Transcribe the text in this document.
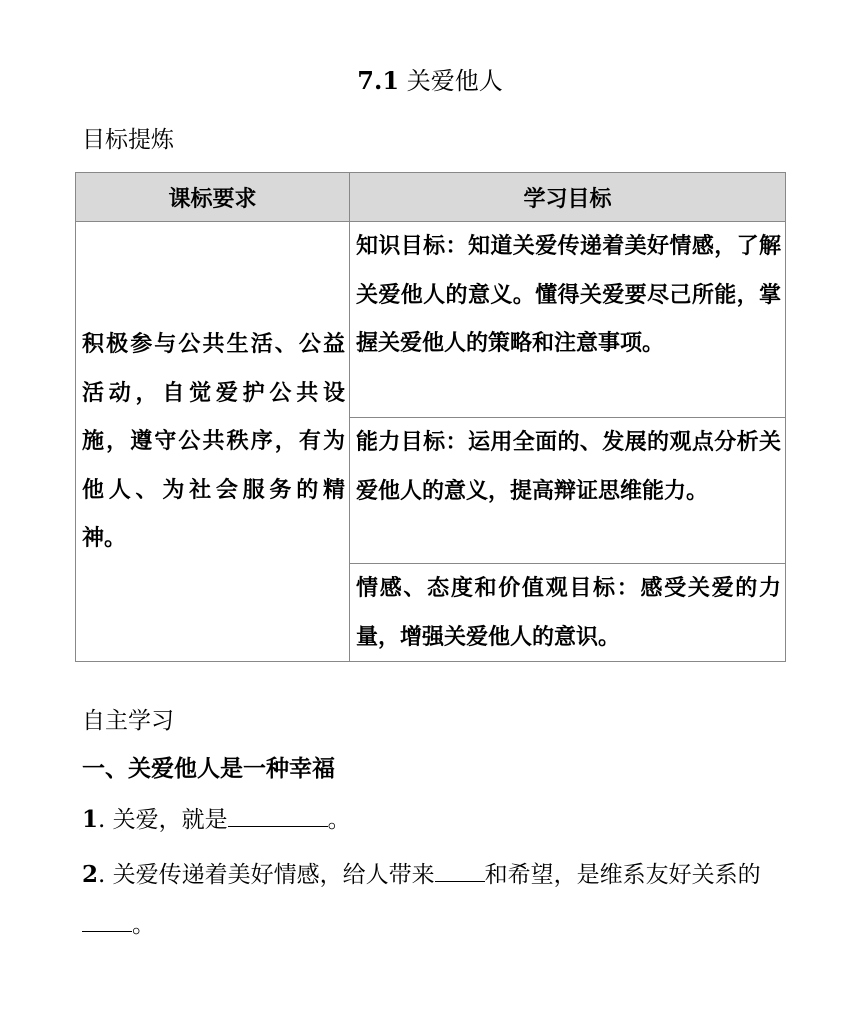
7.1 关爱他人
目标提炼
课标要求	学习目标

积极参与公共生活、公益活动，自觉爱护公共设施，遵守公共秩序，有为他人、为社会服务的精神。	知识目标：知道关爱传递着美好情感，了解关爱他人的意义。懂得关爱要尽己所能，掌握关爱他人的策略和注意事项。

	能力目标：运用全面的、发展的观点分析关爱他人的意义，提高辩证思维能力。

	情感、态度和价值观目标：感受关爱的力量，增强关爱他人的意识。
自主学习
一、关爱他人是一种幸福
1. 关爱，就是	。
2. 关爱传递着美好情感，给人带来 和希望，是维系友好关系的。
